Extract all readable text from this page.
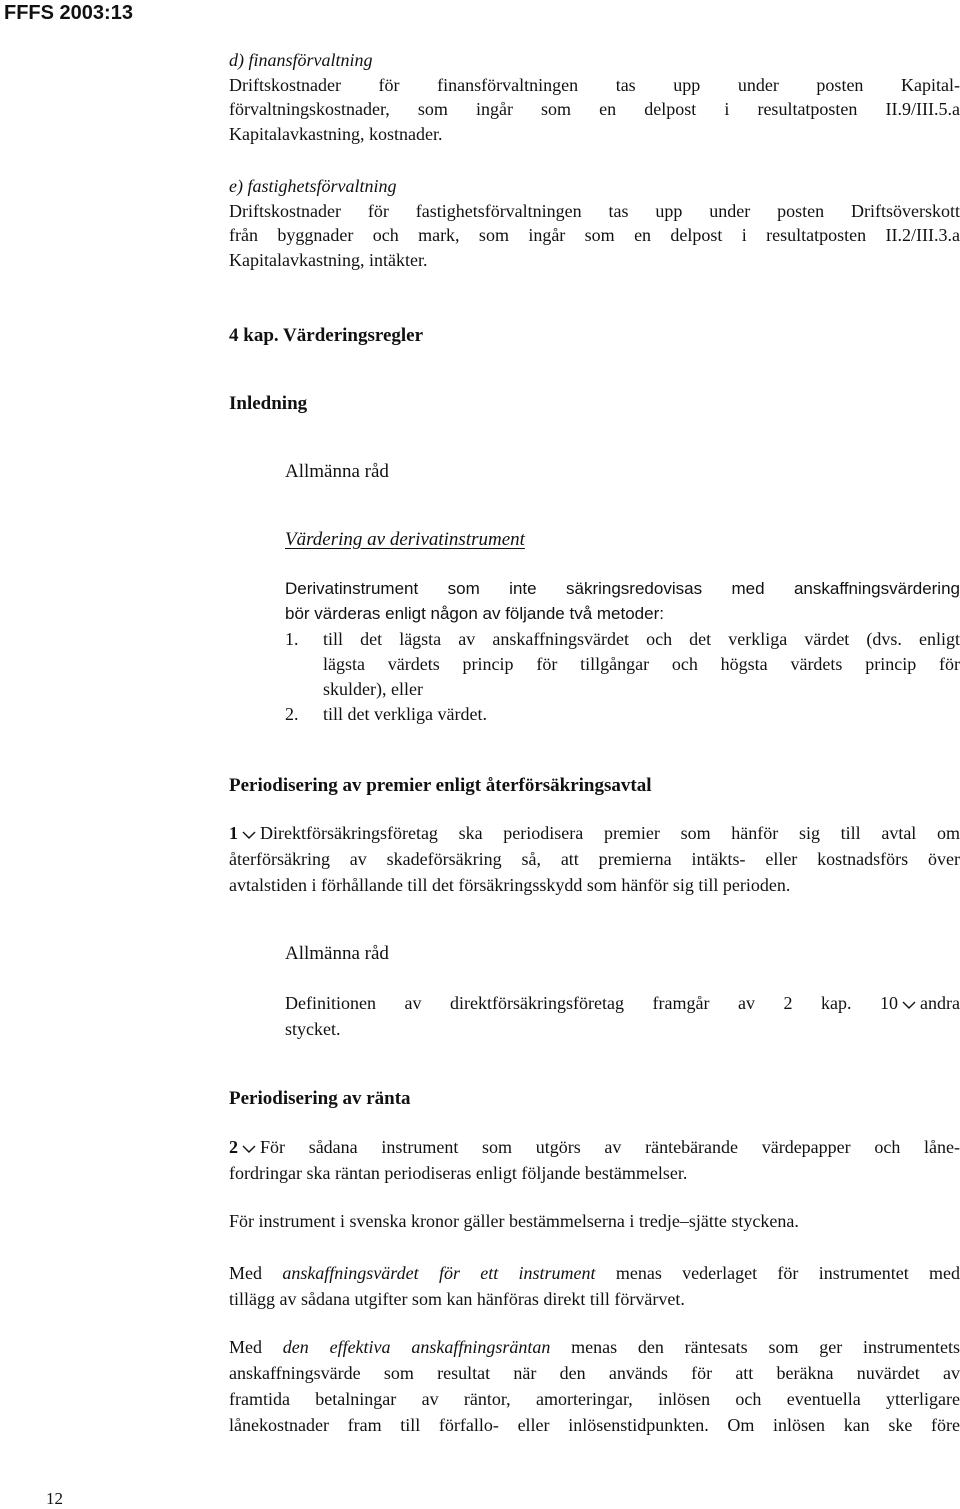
FFFS 2003:13
d) finansförvaltning
Driftskostnader för finansförvaltningen tas upp under posten Kapital-
förvaltningskostnader, som ingår som en delpost i resultatposten II.9/III.5.a
Kapitalavkastning, kostnader.
e) fastighetsförvaltning
Driftskostnader för fastighetsförvaltningen tas upp under posten Driftsöverskott
från byggnader och mark, som ingår som en delpost i resultatposten II.2/III.3.a
Kapitalavkastning, intäkter.
4 kap. Värderingsregler
Inledning
Allmänna råd
Värdering av derivatinstrument
Derivatinstrument som inte säkringsredovisas med anskaffningsvärdering
bör värderas enligt någon av följande två metoder:
1. till det lägsta av anskaffningsvärdet och det verkliga värdet (dvs. enligt
lägsta värdets princip för tillgångar och högsta värdets princip för
skulder), eller
2. till det verkliga värdet.
Periodisering av premier enligt återförsäkringsavtal
1 Direktförsäkringsföretag ska periodisera premier som hänför sig till avtal om
återförsäkring av skadeförsäkring så, att premierna intäkts- eller kostnadsförs över
avtalstiden i förhållande till det försäkringsskydd som hänför sig till perioden.
Allmänna råd
Definitionen av direktförsäkringsföretag framgår av 2 kap. 10 andra
stycket.
Periodisering av ränta
2 För sådana instrument som utgörs av räntebärande värdepapper och låne-
fordringar ska räntan periodiseras enligt följande bestämmelser.
För instrument i svenska kronor gäller bestämmelserna i tredje–sjätte styckena.
Med anskaffningsvärdet för ett instrument menas vederlaget för instrumentet med
tillägg av sådana utgifter som kan hänföras direkt till förvärvet.
Med den effektiva anskaffningsräntan menas den räntesats som ger instrumentets
anskaffningsvärde som resultat när den används för att beräkna nuvärdet av
framtida betalningar av räntor, amorteringar, inlösen och eventuella ytterligare
lånekostnader fram till förfallo- eller inlösenstidpunkten. Om inlösen kan ske före
12
